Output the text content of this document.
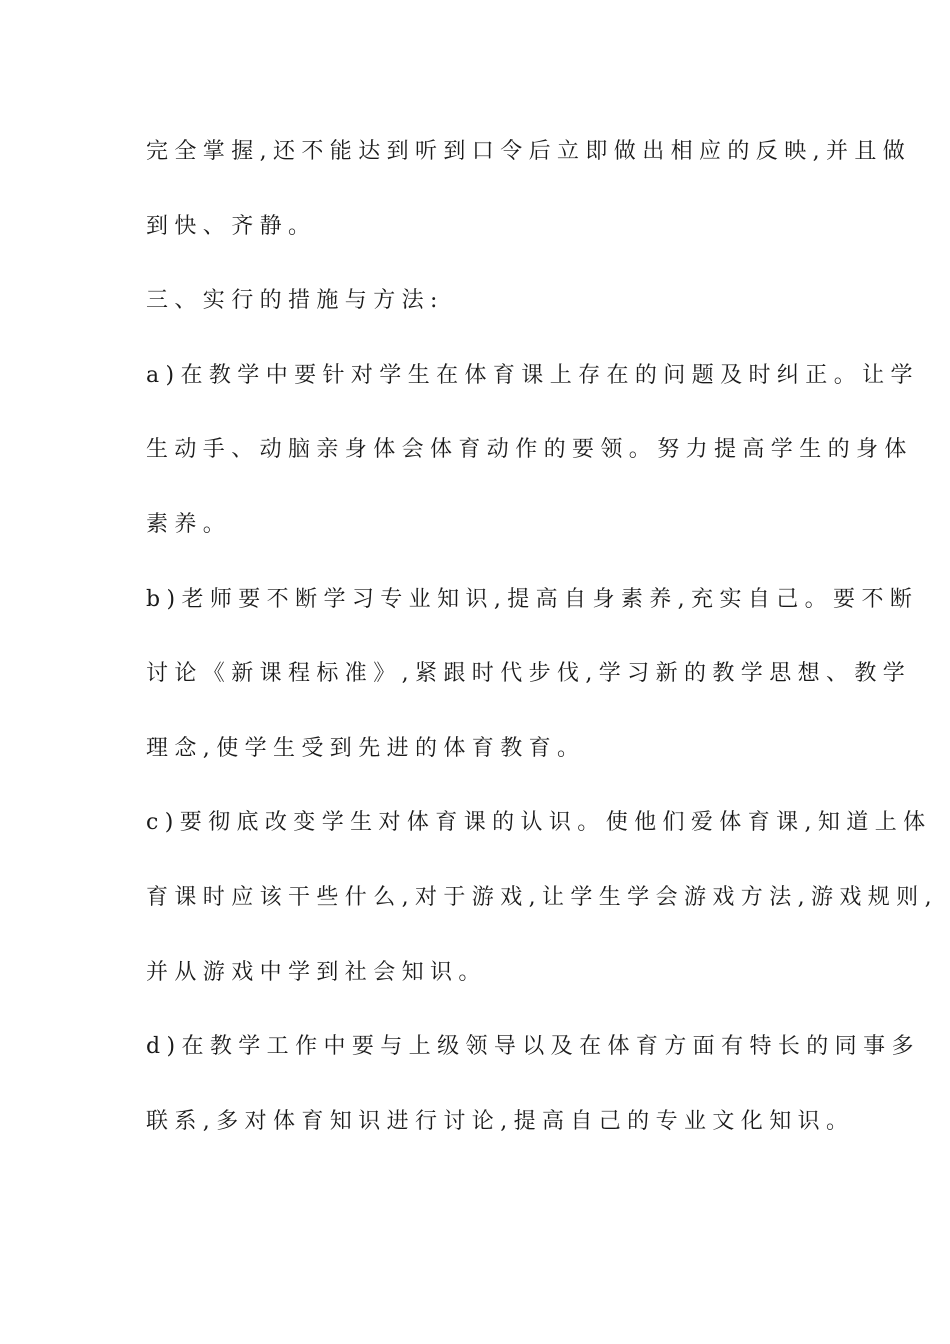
完全掌握,还不能达到听到口令后立即做出相应的反映,并且做
到快、齐静。
三、实行的措施与方法:
a)在教学中要针对学生在体育课上存在的问题及时纠正。让学
生动手、动脑亲身体会体育动作的要领。努力提高学生的身体
素养。
b)老师要不断学习专业知识,提高自身素养,充实自己。要不断
讨论《新课程标准》,紧跟时代步伐,学习新的教学思想、教学
理念,使学生受到先进的体育教育。
c)要彻底改变学生对体育课的认识。使他们爱体育课,知道上体
育课时应该干些什么,对于游戏,让学生学会游戏方法,游戏规则,
并从游戏中学到社会知识。
d)在教学工作中要与上级领导以及在体育方面有特长的同事多
联系,多对体育知识进行讨论,提高自己的专业文化知识。
